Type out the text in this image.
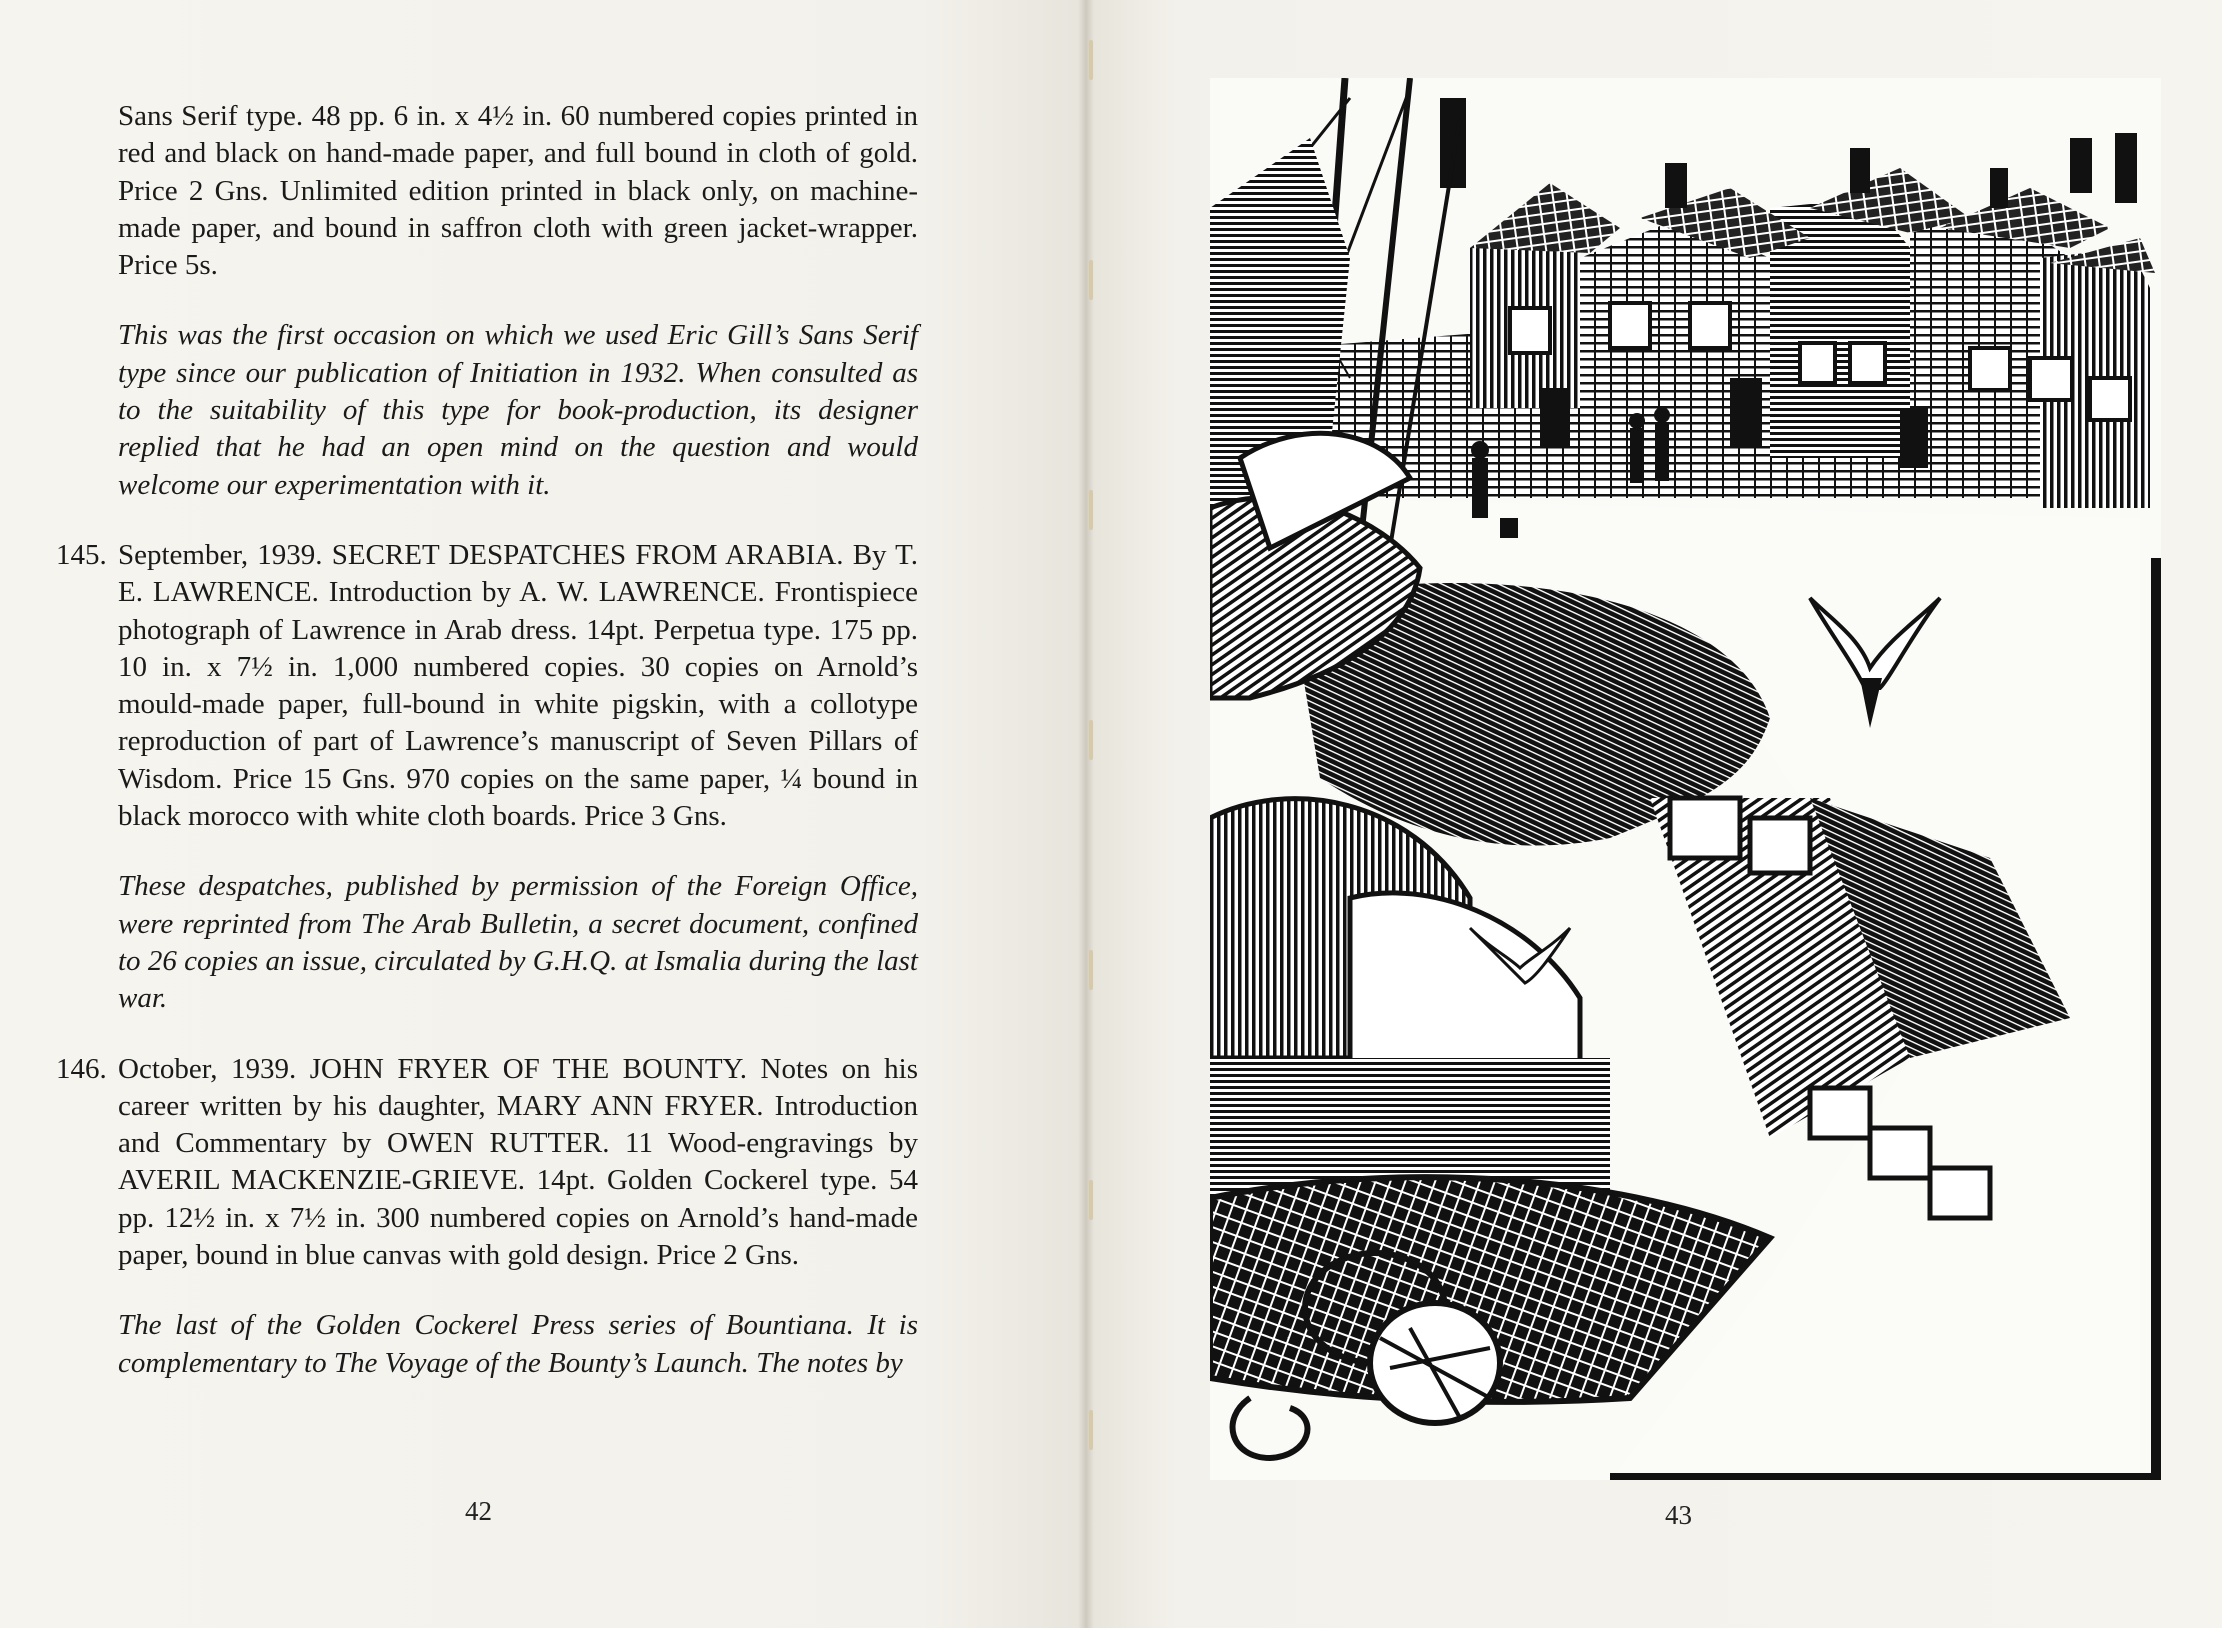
Sans Serif type. 48 pp. 6 in. x 4½ in. 60 numbered copies printed in red and black on hand-made paper, and full bound in cloth of gold. Price 2 Gns. Unlimited edition printed in black only, on machine-made paper, and bound in saffron cloth with green jacket-wrapper. Price 5s.

This was the first occasion on which we used Eric Gill’s Sans Serif type since our publication of Initiation in 1932. When consulted as to the suitability of this type for book-production, its designer replied that he had an open mind on the question and would welcome our experimentation with it.

145. September, 1939. SECRET DESPATCHES FROM ARABIA. By T. E. LAWRENCE. Introduction by A. W. LAWRENCE. Frontispiece photograph of Lawrence in Arab dress. 14pt. Perpetua type. 175 pp. 10 in. x 7½ in. 1,000 numbered copies. 30 copies on Arnold’s mould-made paper, full-bound in white pigskin, with a collotype reproduction of part of Lawrence’s manuscript of Seven Pillars of Wisdom. Price 15 Gns. 970 copies on the same paper, ¼ bound in black morocco with white cloth boards. Price 3 Gns.

These despatches, published by permission of the Foreign Office, were reprinted from The Arab Bulletin, a secret document, confined to 26 copies an issue, circulated by G.H.Q. at Ismalia during the last war.

146. October, 1939. JOHN FRYER OF THE BOUNTY. Notes on his career written by his daughter, MARY ANN FRYER. Introduction and Commentary by OWEN RUTTER. 11 Wood-engravings by AVERIL MACKENZIE-GRIEVE. 14pt. Golden Cockerel type. 54 pp. 12½ in. x 7½ in. 300 numbered copies on Arnold’s hand-made paper, bound in blue canvas with gold design. Price 2 Gns.

The last of the Golden Cockerel Press series of Bountiana. It is complementary to The Voyage of the Bounty’s Launch. The notes by

42	43
